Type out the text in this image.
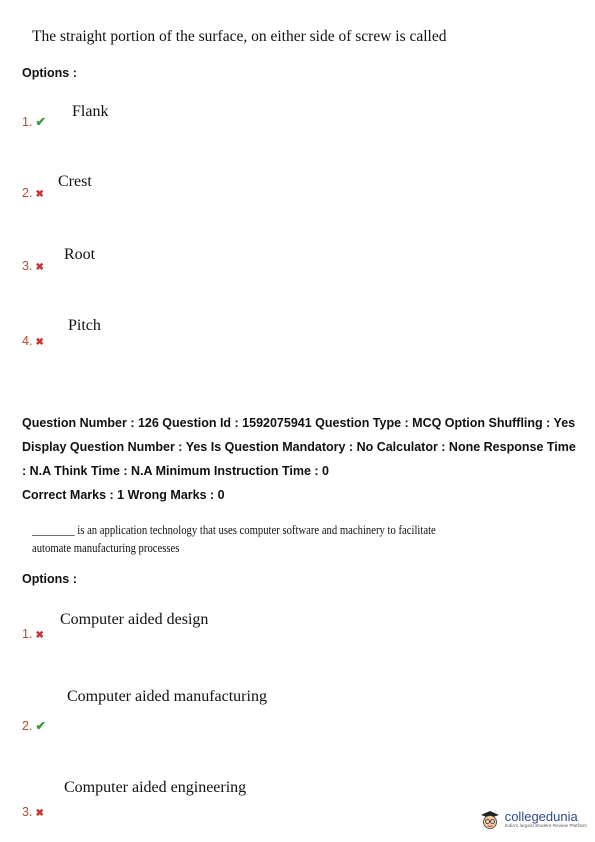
The straight portion of the surface, on either side of screw is called
Options :
Flank
1. ✔
Crest
2. ✖
Root
3. ✖
Pitch
4. ✖
Question Number : 126 Question Id : 1592075941 Question Type : MCQ Option Shuffling : Yes
Display Question Number : Yes Is Question Mandatory : No Calculator : None Response Time
: N.A Think Time : N.A Minimum Instruction Time : 0
Correct Marks : 1 Wrong Marks : 0
________ is an application technology that uses computer software and machinery to facilitate
automate manufacturing processes
Options :
Computer aided design
1. ✖
Computer aided manufacturing
2. ✔
Computer aided engineering
3. ✖	collegedunia
India's largest Student Review Platform
